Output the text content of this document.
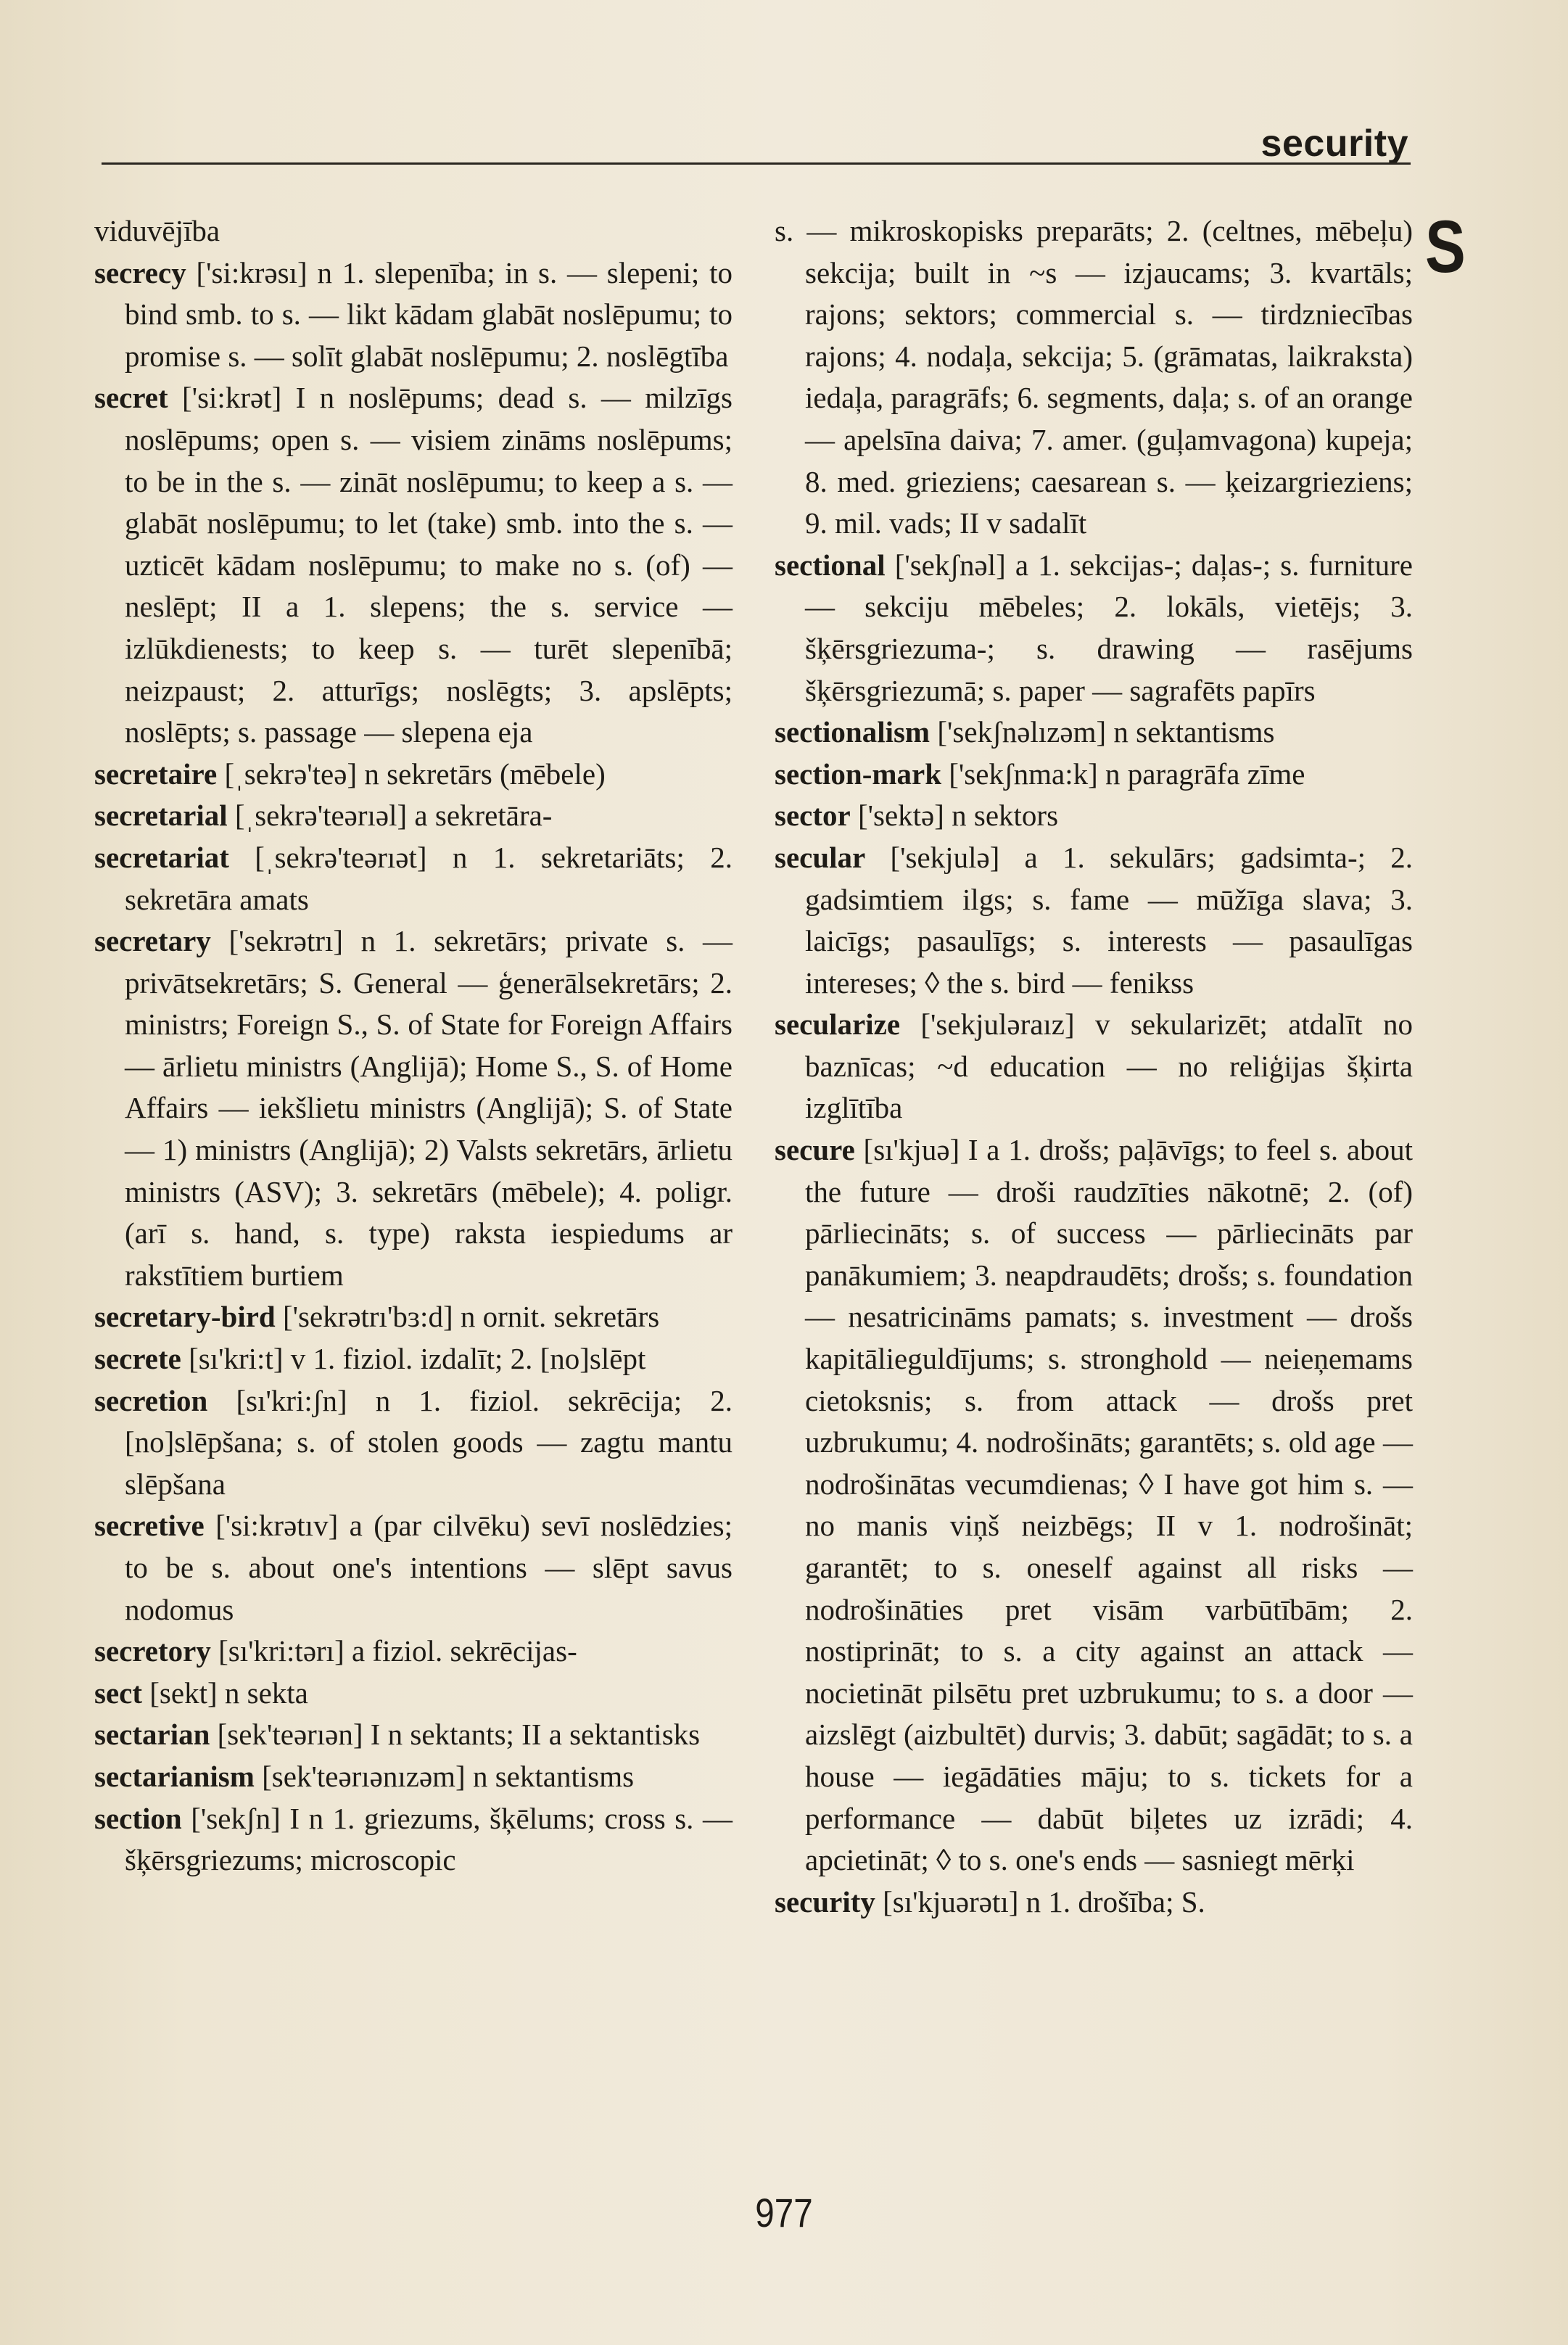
security
S
viduvējība
secrecy ['si:krəsı] n 1. slepenība; in s. — slepeni; to bind smb. to s. — likt kādam glabāt noslēpumu; to promise s. — solīt glabāt noslēpumu; 2. noslēgtība
secret ['si:krət] I n noslēpums; dead s. — milzīgs noslēpums; open s. — visiem zināms noslēpums; to be in the s. — zināt noslēpumu; to keep a s. — glabāt noslēpumu; to let (take) smb. into the s. — uzticēt kādam noslēpumu; to make no s. (of) — neslēpt; II a 1. slepens; the s. service — izlūkdienests; to keep s. — turēt slepenībā; neizpaust; 2. atturīgs; noslēgts; 3. apslēpts; noslēpts; s. passage — slepena eja
secretaire [ˌsekrə'teə] n sekretārs (mēbele)
secretarial [ˌsekrə'teərıəl] a sekretāra-
secretariat [ˌsekrə'teərıət] n 1. sekretariāts; 2. sekretāra amats
secretary ['sekrətrı] n 1. sekretārs; private s. — privātsekretārs; S. General — ģenerālsekretārs; 2. ministrs; Foreign S., S. of State for Foreign Affairs — ārlietu ministrs (Anglijā); Home S., S. of Home Affairs — iekšlietu ministrs (Anglijā); S. of State — 1) ministrs (Anglijā); 2) Valsts sekretārs, ārlietu ministrs (ASV); 3. sekretārs (mēbele); 4. poligr. (arī s. hand, s. type) raksta iespiedums ar rakstītiem burtiem
secretary-bird ['sekrətrı'bɜ:d] n ornit. sekretārs
secrete [sı'kri:t] v 1. fiziol. izdalīt; 2. [no]slēpt
secretion [sı'kri:ʃn] n 1. fiziol. sekrēcija; 2. [no]slēpšana; s. of stolen goods — zagtu mantu slēpšana
secretive ['si:krətıv] a (par cilvēku) sevī noslēdzies; to be s. about one's intentions — slēpt savus nodomus
secretory [sı'kri:tərı] a fiziol. sekrēcijas-
sect [sekt] n sekta
sectarian [sek'teərıən] I n sektants; II a sektantisks
sectarianism [sek'teərıənızəm] n sektantisms
section ['sekʃn] I n 1. griezums, šķēlums; cross s. — šķērsgriezums; microscopic
s. — mikroskopisks preparāts; 2. (celtnes, mēbeļu) sekcija; built in ~s — izjaucams; 3. kvartāls; rajons; sektors; commercial s. — tirdzniecības rajons; 4. nodaļa, sekcija; 5. (grāmatas, laikraksta) iedaļa, paragrāfs; 6. segments, daļa; s. of an orange — apelsīna daiva; 7. amer. (guļamvagona) kupeja; 8. med. grieziens; caesarean s. — ķeizargrieziens; 9. mil. vads; II v sadalīt
sectional ['sekʃnəl] a 1. sekcijas-; daļas-; s. furniture — sekciju mēbeles; 2. lokāls, vietējs; 3. šķērsgriezuma-; s. drawing — rasējums šķērsgriezumā; s. paper — sagrafēts papīrs
sectionalism ['sekʃnəlızəm] n sektantisms
section-mark ['sekʃnma:k] n paragrāfa zīme
sector ['sektə] n sektors
secular ['sekjulə] a 1. sekulārs; gadsimta-; 2. gadsimtiem ilgs; s. fame — mūžīga slava; 3. laicīgs; pasaulīgs; s. interests — pasaulīgas intereses; ◊ the s. bird — fenikss
secularize ['sekjuləraız] v sekularizēt; atdalīt no baznīcas; ~d education — no reliģijas šķirta izglītība
secure [sı'kjuə] I a 1. drošs; paļāvīgs; to feel s. about the future — droši raudzīties nākotnē; 2. (of) pārliecināts; s. of success — pārliecināts par panākumiem; 3. neapdraudēts; drošs; s. foundation — nesatricināms pamats; s. investment — drošs kapitālieguldījums; s. stronghold — neieņemams cietoksnis; s. from attack — drošs pret uzbrukumu; 4. nodrošināts; garantēts; s. old age — nodrošinātas vecumdienas; ◊ I have got him s. — no manis viņš neizbēgs; II v 1. nodrošināt; garantēt; to s. oneself against all risks — nodrošināties pret visām varbūtībām; 2. nostiprināt; to s. a city against an attack — nocietināt pilsētu pret uzbrukumu; to s. a door — aizslēgt (aizbultēt) durvis; 3. dabūt; sagādāt; to s. a house — iegādāties māju; to s. tickets for a performance — dabūt biļetes uz izrādi; 4. apcietināt; ◊ to s. one's ends — sasniegt mērķi
security [sı'kjuərətı] n 1. drošība; S.
977
